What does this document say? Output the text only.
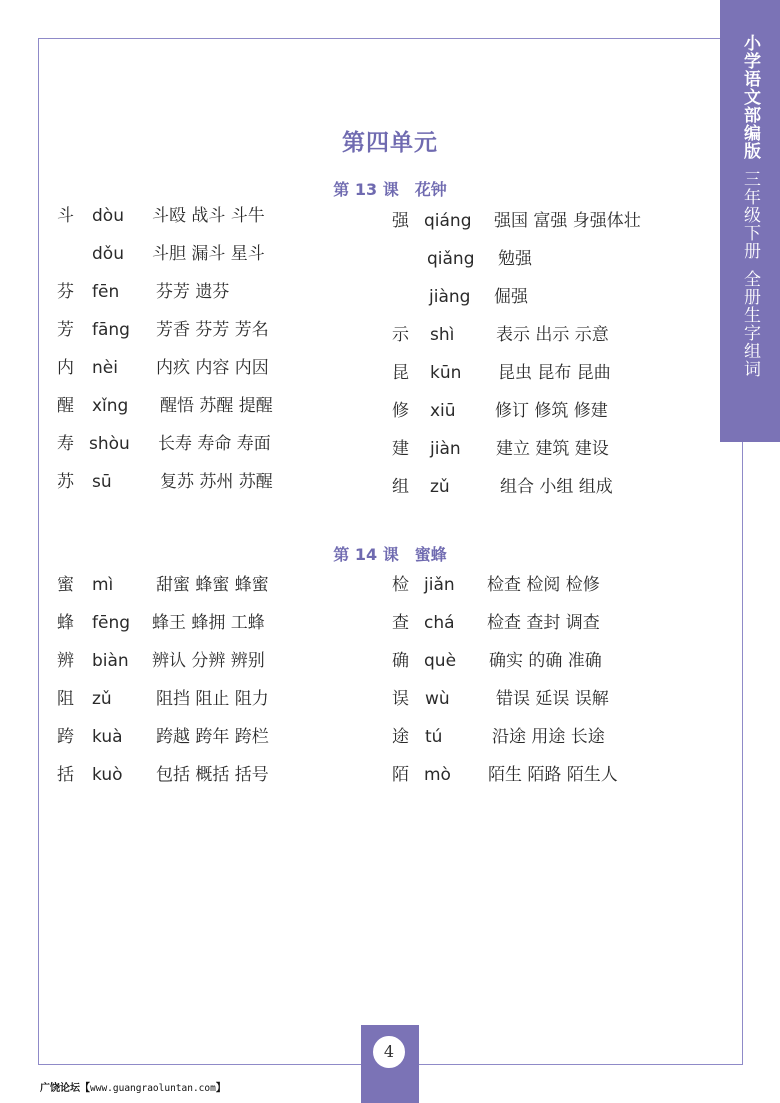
小学语文部编版
三年级下册
全册生字组词
第四单元
第 13 课　花钟
斗 dòu 斗殴 战斗 斗牛
dǒu 斗胆 漏斗 星斗
芬 fēn 芬芳 遗芬
芳 fāng 芳香 芬芳 芳名
内 nèi 内疚 内容 内因
醒 xǐng 醒悟 苏醒 提醒
寿 shòu 长寿 寿命 寿面
苏 sū	复苏 苏州 苏醒
强 qiáng 强国 富强 身强体壮
qiǎng 勉强
jiàng 倔强
示 shì 表示 出示 示意
昆 kūn 昆虫 昆布 昆曲
修 xiū 修订 修筑 修建
建 jiàn 建立 建筑 建设
组 zǔ	组合 小组 组成
第 14 课　蜜蜂
蜜 mì	甜蜜 蜂蜜 蜂蜜
蜂 fēng 蜂王 蜂拥 工蜂
辨 biàn 辨认 分辨 辨别
阻 zǔ	阻挡 阻止 阻力
跨 kuà 跨越 跨年 跨栏
括 kuò 包括 概括 括号
检 jiǎn 检查 检阅 检修
查 chá 检查 查封 调查
确 què 确实 的确 准确
误 wù	错误 延误 误解
途 tú	沿途 用途 长途
陌 mò 陌生 陌路 陌生人
4
广饶论坛【www.guangraoluntan.com】
